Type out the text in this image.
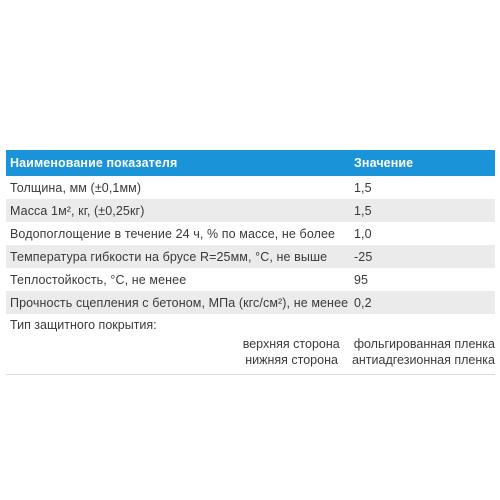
Наименование показателя	Значение
Толщина, мм (±0,1мм)	1,5
Масса 1м², кг, (±0,25кг)	1,5
Водопоглощение в течение 24 ч, % по массе, не более	1,0
Температура гибкости на брусе R=25мм, °С, не выше	-25
Теплостойкость, °С, не менее	95
Прочность сцепления с бетоном, МПа (кгс/см²), не менее 0,2
Тип защитного покрытия:
верхняя сторона	фольгированная пленка
нижняя сторона	антиадгезионная пленка
